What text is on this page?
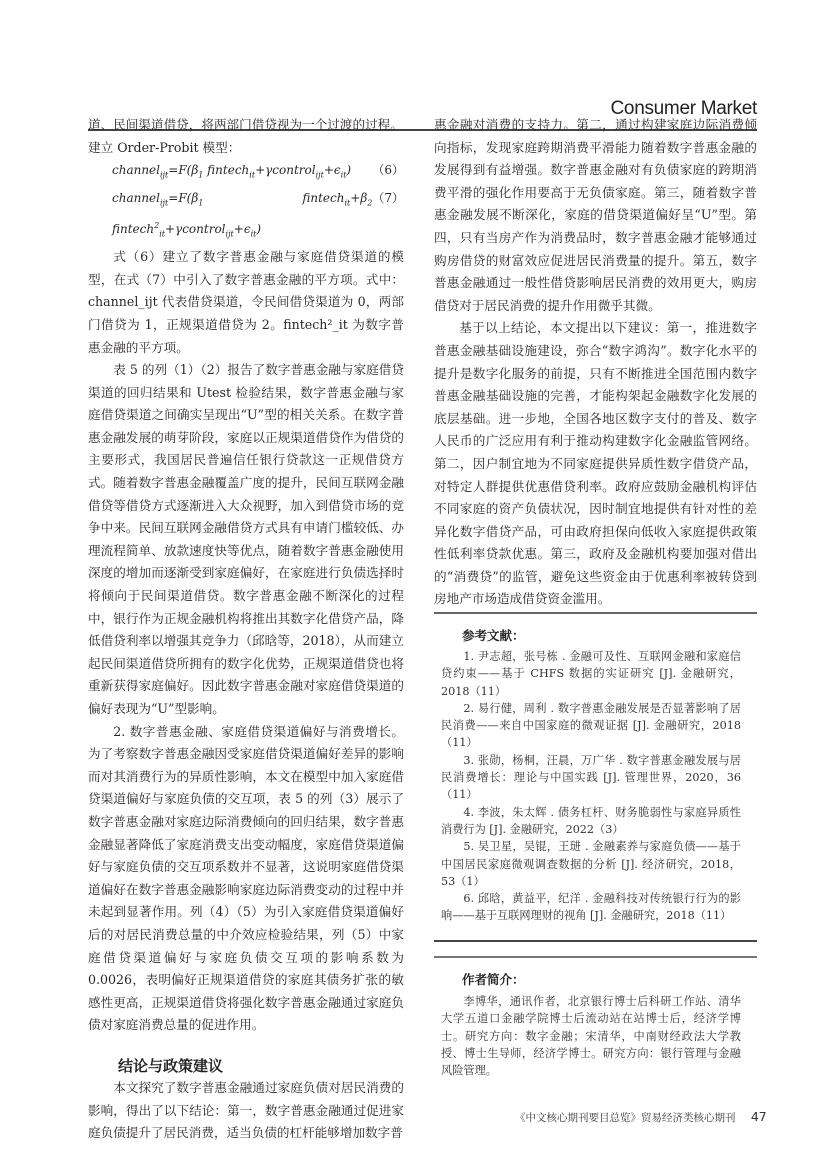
Consumer Market

道、民间渠道借贷，将两部门借贷视为一个过渡的过程。

建立 Order-Probit 模型：

$channel_{ijt}=F(\beta_1$ $fintech_{it}+\gamma control_{ijt}+\epsilon_{it}$) （6）
$channel_{ijt}=F(\beta_1$ $fintech_{it}+\beta_2$ $fintech^2_{it}+\gamma control_{ijt}+\epsilon_{it}$)
（7）

式（6）建立了数字普惠金融与家庭借贷渠道的模型，在式（7）中引入了数字普惠金融的平方项。式中：channel_ijt 代表借贷渠道，令民间借贷渠道为 0，两部门借贷为 1，正规渠道借贷为 2。fintech²_it 为数字普惠金融的平方项。

表 5 的列（1）（2）报告了数字普惠金融与家庭借贷渠道的回归结果和 Utest 检验结果，数字普惠金融与家庭借贷渠道之间确实呈现出“U”型的相关关系。在数字普惠金融发展的萌芽阶段，家庭以正规渠道借贷作为借贷的主要形式，我国居民普遍信任银行贷款这一正规借贷方式。随着数字普惠金融覆盖广度的提升，民间互联网金融借贷等借贷方式逐渐进入大众视野，加入到借贷市场的竞争中来。民间互联网金融借贷方式具有申请门槛较低、办理流程简单、放款速度快等优点，随着数字普惠金融使用深度的增加而逐渐受到家庭偏好，在家庭进行负债选择时将倾向于民间渠道借贷。数字普惠金融不断深化的过程中，银行作为正规金融机构将推出其数字化借贷产品，降低借贷利率以增强其竞争力（邱晗等，2018），从而建立起民间渠道借贷所拥有的数字化优势，正规渠道借贷也将重新获得家庭偏好。因此数字普惠金融对家庭借贷渠道的偏好表现为“U”型影响。

2. 数字普惠金融、家庭借贷渠道偏好与消费增长。为了考察数字普惠金融因受家庭借贷渠道偏好差异的影响而对其消费行为的异质性影响，本文在模型中加入家庭借贷渠道偏好与家庭负债的交互项，表 5 的列（3）展示了数字普惠金融对家庭边际消费倾向的回归结果，数字普惠金融显著降低了家庭消费支出变动幅度，家庭借贷渠道偏好与家庭负债的交互项系数并不显著，这说明家庭借贷渠道偏好在数字普惠金融影响家庭边际消费变动的过程中并未起到显著作用。列（4）（5）为引入家庭借贷渠道偏好后的对居民消费总量的中介效应检验结果，列（5）中家庭借贷渠道偏好与家庭负债交互项的影响系数为 0.0026，表明偏好正规渠道借贷的家庭其债务扩张的敏感性更高，正规渠道借贷将强化数字普惠金融通过家庭负债对家庭消费总量的促进作用。

结论与政策建议

本文探究了数字普惠金融通过家庭负债对居民消费的影响，得出了以下结论：第一，数字普惠金融通过促进家庭负债提升了居民消费，适当负债的杠杆能够增加数字普

惠金融对消费的支持力。第二，通过构建家庭边际消费倾向指标，发现家庭跨期消费平滑能力随着数字普惠金融的发展得到有益增强。数字普惠金融对有负债家庭的跨期消费平滑的强化作用要高于无负债家庭。第三，随着数字普惠金融发展不断深化，家庭的借贷渠道偏好呈“U”型。第四，只有当房产作为消费品时，数字普惠金融才能够通过购房借贷的财富效应促进居民消费量的提升。第五，数字普惠金融通过一般性借贷影响居民消费的效用更大，购房借贷对于居民消费的提升作用微乎其微。

基于以上结论，本文提出以下建议：第一，推进数字普惠金融基础设施建设，弥合“数字鸿沟”。数字化水平的提升是数字化服务的前提，只有不断推进全国范围内数字普惠金融基础设施的完善，才能构架起金融数字化发展的底层基础。进一步地，全国各地区数字支付的普及、数字人民币的广泛应用有利于推动构建数字化金融监管网络。第二，因户制宜地为不同家庭提供异质性数字借贷产品，对特定人群提供优惠借贷利率。政府应鼓励金融机构评估不同家庭的资产负债状况，因时制宜地提供有针对性的差异化数字借贷产品，可由政府担保向低收入家庭提供政策性低利率贷款优惠。第三，政府及金融机构要加强对借出的“消费贷”的监管，避免这些资金由于优惠利率被转贷到房地产市场造成借贷资金滥用。

参考文献：

1. 尹志超，张号栋 . 金融可及性、互联网金融和家庭信贷约束——基于 CHFS 数据的实证研究 [J]. 金融研究，2018（11）

2. 易行健，周利 . 数字普惠金融发展是否显著影响了居民消费——来自中国家庭的微观证据 [J]. 金融研究，2018（11）

3. 张勋，杨桐，汪晨，万广华 . 数字普惠金融发展与居民消费增长：理论与中国实践 [J]. 管理世界，2020，36（11）

4. 李波，朱太辉 . 债务杠杆、财务脆弱性与家庭异质性消费行为 [J]. 金融研究，2022（3）

5. 吴卫星，吴锟，王琎 . 金融素养与家庭负债——基于中国居民家庭微观调查数据的分析 [J]. 经济研究，2018，53（1）

6. 邱晗，黄益平，纪洋 . 金融科技对传统银行行为的影响——基于互联网理财的视角 [J]. 金融研究，2018（11）

作者简介：

李博华，通讯作者，北京银行博士后科研工作站、清华大学五道口金融学院博士后流动站在站博士后，经济学博士。研究方向：数字金融；宋清华，中南财经政法大学教授、博士生导师，经济学博士。研究方向：银行管理与金融风险管理。

《中文核心期刊要目总览》贸易经济类核心期刊 47
